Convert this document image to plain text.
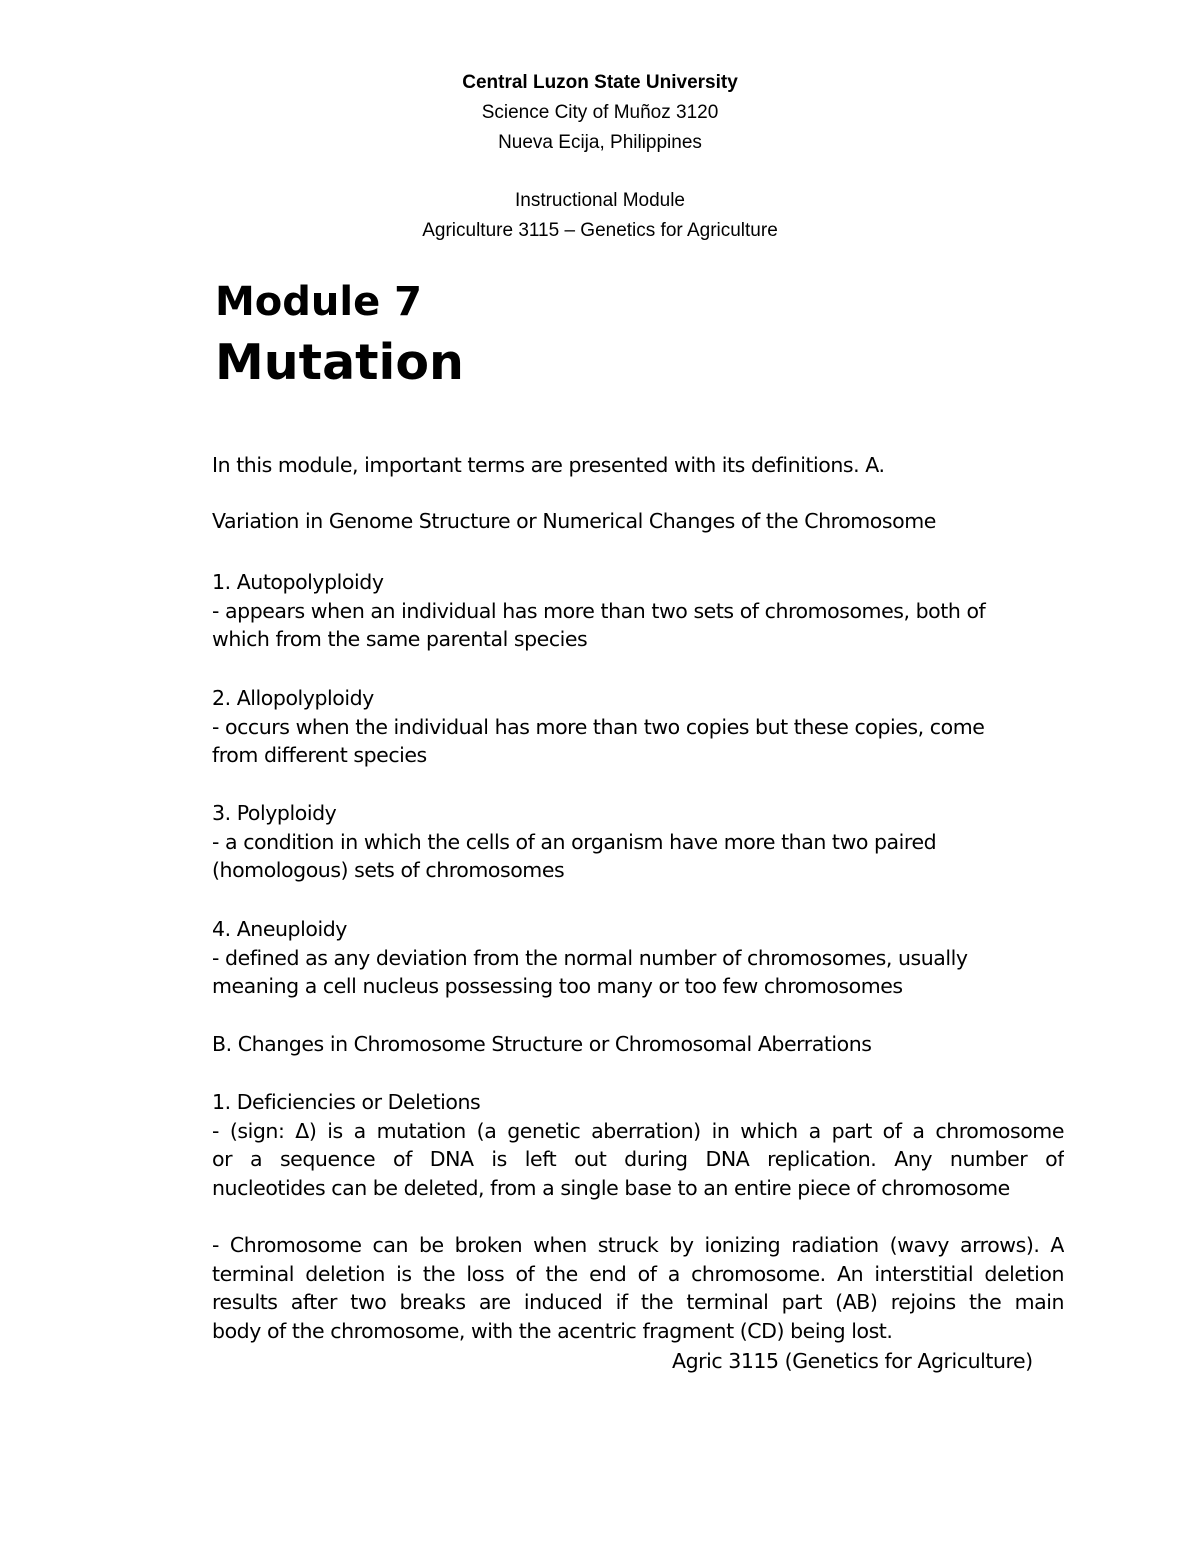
Central Luzon State University
Science City of Muñoz 3120
Nueva Ecija, Philippines
Instructional Module
Agriculture 3115 – Genetics for Agriculture
Module 7
Mutation
In this module, important terms are presented with its definitions. A.
Variation in Genome Structure or Numerical Changes of the Chromosome
1. Autopolyploidy
- appears when an individual has more than two sets of chromosomes, both of
which from the same parental species
2. Allopolyploidy
- occurs when the individual has more than two copies but these copies, come
from different species
3. Polyploidy
- a condition in which the cells of an organism have more than two paired
(homologous) sets of chromosomes
4. Aneuploidy
- defined as any deviation from the normal number of chromosomes, usually
meaning a cell nucleus possessing too many or too few chromosomes
B. Changes in Chromosome Structure or Chromosomal Aberrations
1. Deficiencies or Deletions
- (sign: Δ) is a mutation (a genetic aberration) in which a part of a chromosome
or a sequence of DNA is left out during DNA replication. Any number of
nucleotides can be deleted, from a single base to an entire piece of chromosome
- Chromosome can be broken when struck by ionizing radiation (wavy arrows). A
terminal deletion is the loss of the end of a chromosome. An interstitial deletion
results after two breaks are induced if the terminal part (AB) rejoins the main
body of the chromosome, with the acentric fragment (CD) being lost.
Agric 3115 (Genetics for Agriculture)
